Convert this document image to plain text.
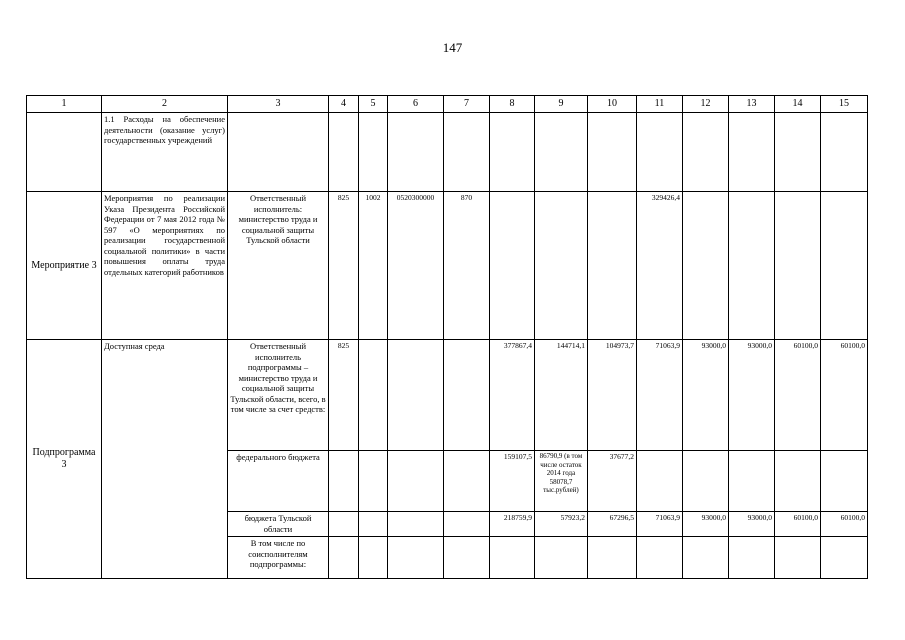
147
1	2	3	4	5	6	7	8	9	10	11	12	13	14	15
	1.1 Расходы на обеспечение деятельности (оказание услуг) государственных учреждений													
Мероприятие 3	Мероприятия по реализации Указа Президента Российской Федерации от 7 мая 2012 года № 597 «О мероприятиях по реализации государственной социальной политики» в части повышения оплаты труда отдельных категорий работников	Ответственный исполнитель: министерство труда и социальной защиты Тульской области	825	1002	0520300000	870				329426,4				
Подпрограмма 3	Доступная среда	Ответственный исполнитель подпрограммы – министерство труда и социальной защиты Тульской области, всего, в том числе за счет средств:	825				377867,4	144714,1	104973,7	71063,9	93000,0	93000,0	60100,0	60100,0
		федерального бюджета					159107,5	86790,9 (в том числе остаток 2014 года 58078,7 тыс.рублей)	37677,2					
		бюджета Тульской области					218759,9	57923,2	67296,5	71063,9	93000,0	93000,0	60100,0	60100,0
		В том числе по соисполнителям подпрограммы:												
